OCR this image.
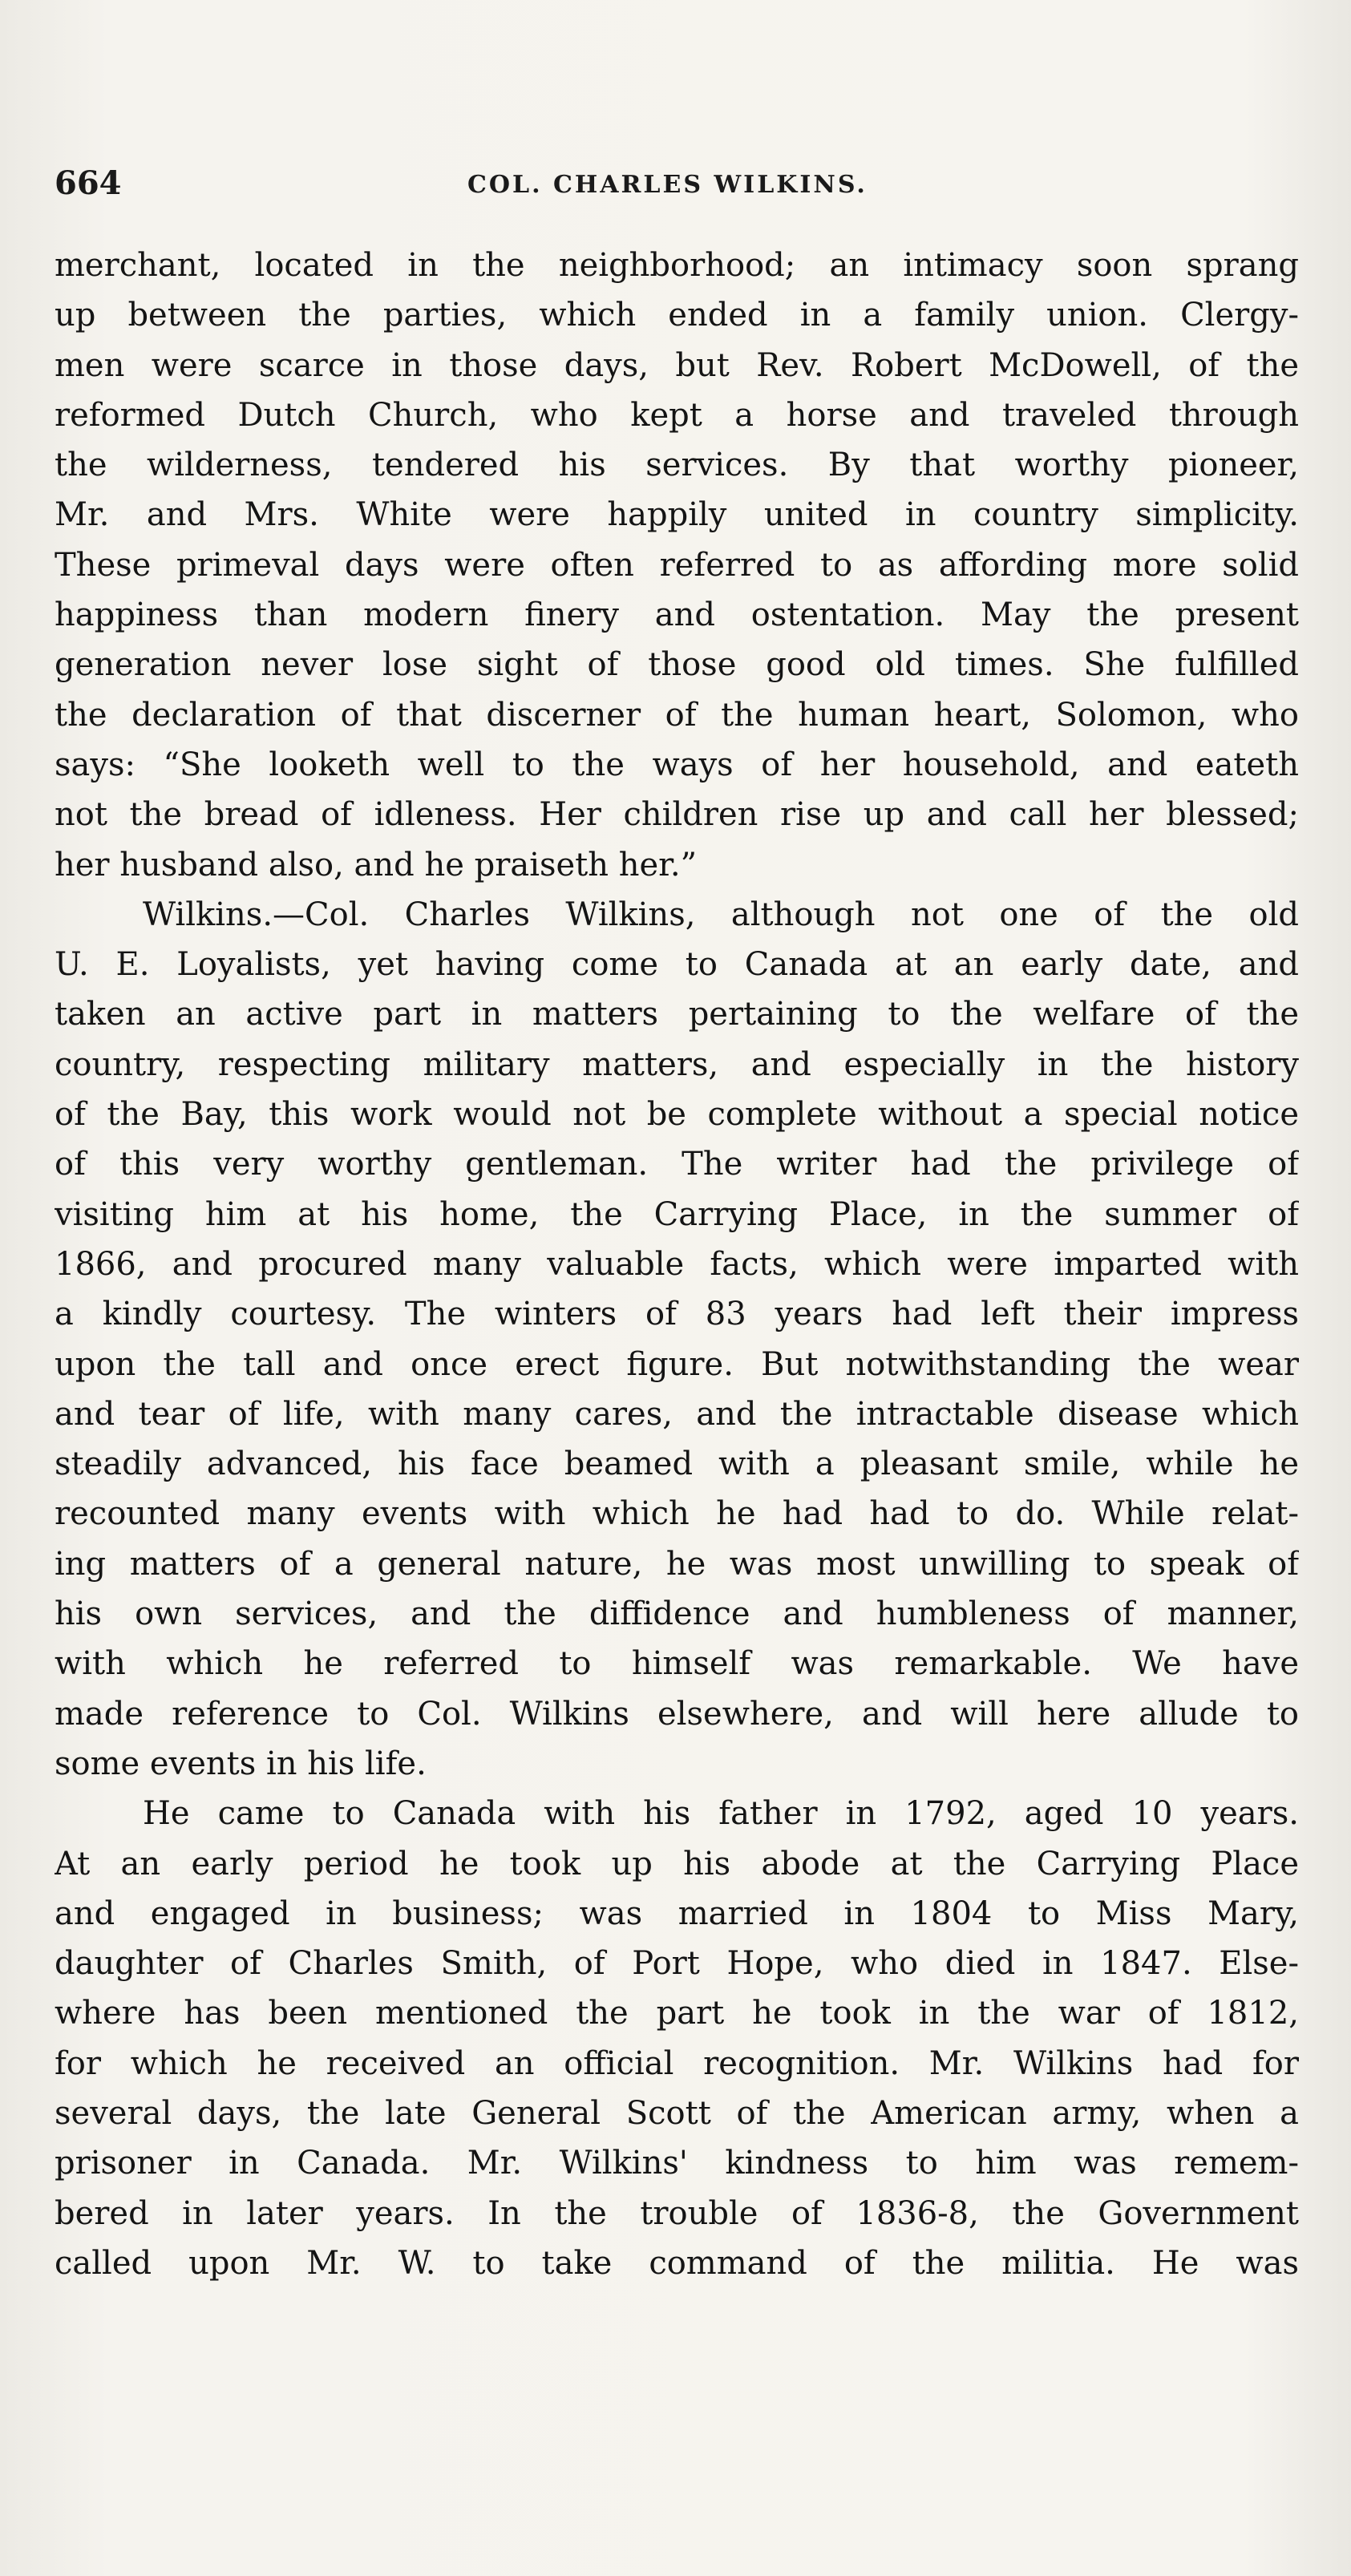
664	COL. CHARLES WILKINS.
merchant, located in the neighborhood; an intimacy soon sprang
up between the parties, which ended in a family union. Clergy-
men were scarce in those days, but Rev. Robert McDowell, of the
reformed Dutch Church, who kept a horse and traveled through
the wilderness, tendered his services. By that worthy pioneer,
Mr. and Mrs. White were happily united in country simplicity.
These primeval days were often referred to as affording more solid
happiness than modern finery and ostentation. May the present
generation never lose sight of those good old times. She fulfilled
the declaration of that discerner of the human heart, Solomon, who
says: “She looketh well to the ways of her household, and eateth
not the bread of idleness. Her children rise up and call her blessed;
her husband also, and he praiseth her.”
Wilkins.—Col. Charles Wilkins, although not one of the old
U. E. Loyalists, yet having come to Canada at an early date, and
taken an active part in matters pertaining to the welfare of the
country, respecting military matters, and especially in the history
of the Bay, this work would not be complete without a special notice
of this very worthy gentleman. The writer had the privilege of
visiting him at his home, the Carrying Place, in the summer of
1866, and procured many valuable facts, which were imparted with
a kindly courtesy. The winters of 83 years had left their impress
upon the tall and once erect figure. But notwithstanding the wear
and tear of life, with many cares, and the intractable disease which
steadily advanced, his face beamed with a pleasant smile, while he
recounted many events with which he had had to do. While relat-
ing matters of a general nature, he was most unwilling to speak of
his own services, and the diffidence and humbleness of manner,
with which he referred to himself was remarkable. We have
made reference to Col. Wilkins elsewhere, and will here allude to
some events in his life.
He came to Canada with his father in 1792, aged 10 years.
At an early period he took up his abode at the Carrying Place
and engaged in business; was married in 1804 to Miss Mary,
daughter of Charles Smith, of Port Hope, who died in 1847. Else-
where has been mentioned the part he took in the war of 1812,
for which he received an official recognition. Mr. Wilkins had for
several days, the late General Scott of the American army, when a
prisoner in Canada. Mr. Wilkins' kindness to him was remem-
bered in later years. In the trouble of 1836-8, the Government
called upon Mr. W. to take command of the militia. He was
